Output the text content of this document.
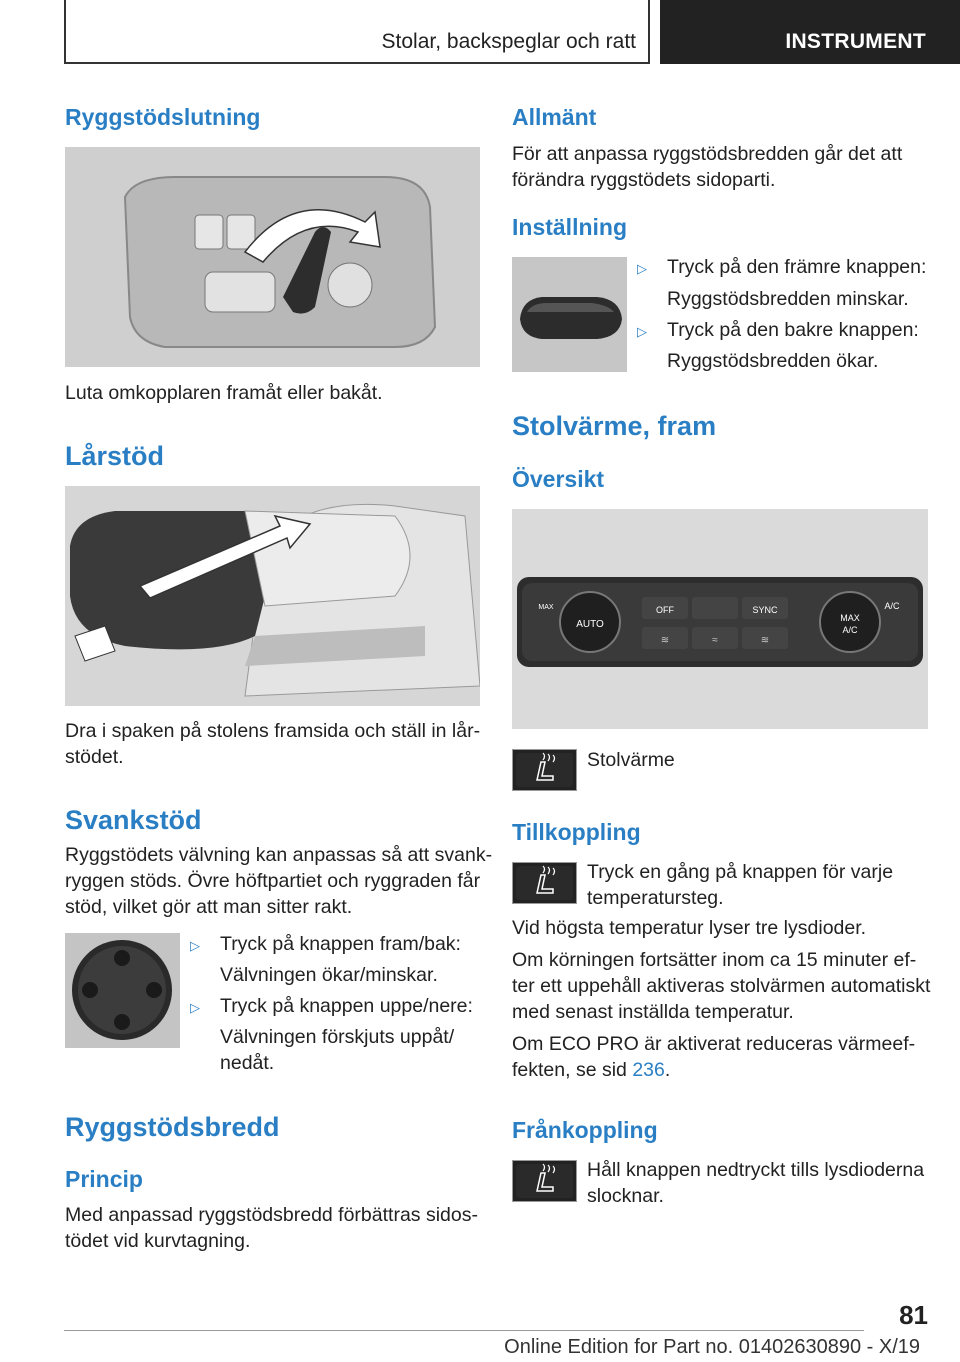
Stolar, backspeglar och ratt	INSTRUMENT
Ryggstödslutning
Luta omkopplaren framåt eller bakåt.
Lårstöd
Dra i spaken på stolens framsida och ställ in lår‐
stödet.
Svankstöd
Ryggstödets välvning kan anpassas så att svank‐
ryggen stöds. Övre höftpartiet och ryggraden får
stöd, vilket gör att man sitter rakt.
▷ Tryck på knappen fram/bak:
Välvningen ökar/minskar.
▷ Tryck på knappen uppe/nere:
Välvningen förskjuts uppåt/
nedåt.
Ryggstödsbredd
Princip
Med anpassad ryggstödsbredd förbättras sidos‐
tödet vid kurvtagning.
Allmänt
För att anpassa ryggstödsbredden går det att
förändra ryggstödets sidoparti.
Inställning
▷ Tryck på den främre knappen:
Ryggstödsbredden minskar.
▷ Tryck på den bakre knappen:
Ryggstödsbredden ökar.
Stolvärme, fram
Översikt
AUTO
MAX
A/C
OFF	SYNC	A/C
MAX
≋	≈	≋
Stolvärme
Tillkoppling
Tryck en gång på knappen för varje
temperatursteg.
Vid högsta temperatur lyser tre lysdioder.
Om körningen fortsätter inom ca 15 minuter ef‐
ter ett uppehåll aktiveras stolvärmen automatiskt
med senast inställda temperatur.
Om ECO PRO är aktiverat reduceras värmeef‐
fekten, se sid 236.
Frånkoppling
Håll knappen nedtryckt tills lysdioderna
slocknar.
81
Online Edition for Part no. 01402630890 - X/19
